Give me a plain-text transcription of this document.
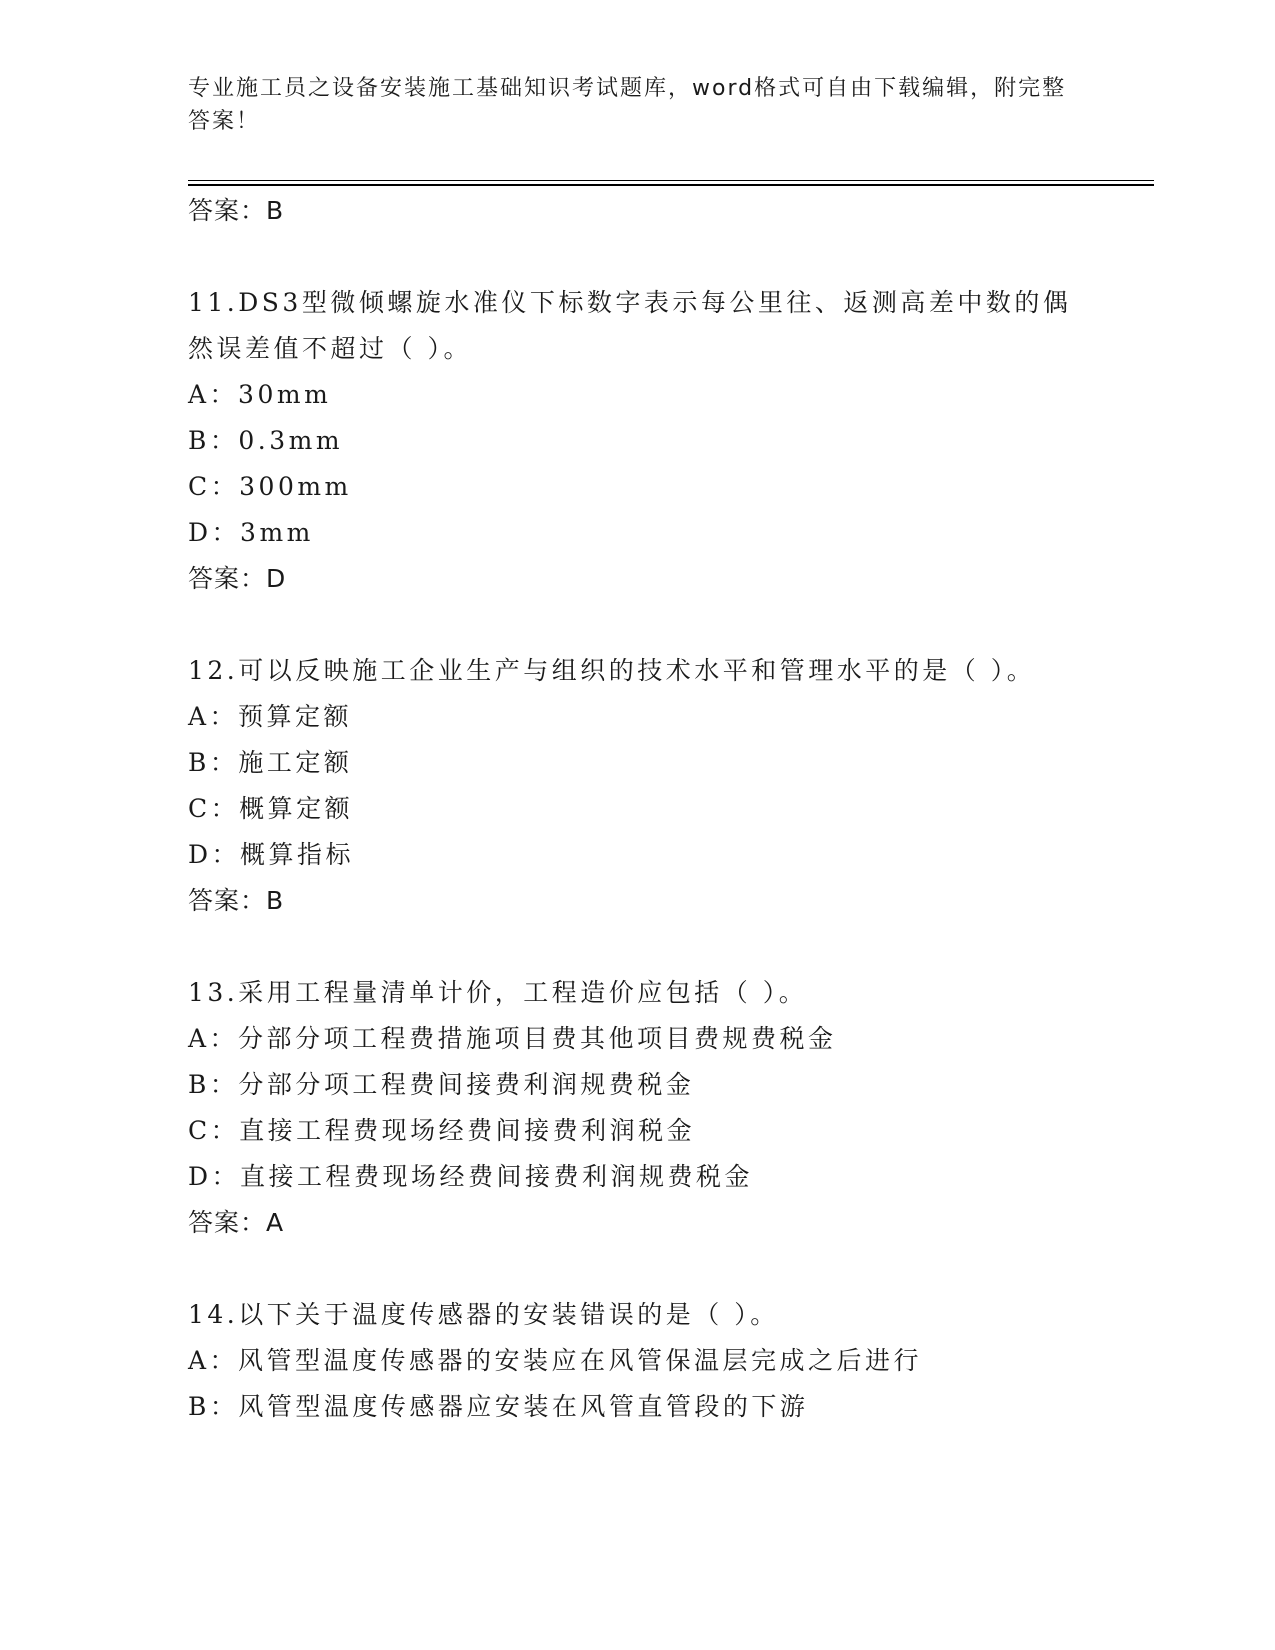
专业施工员之设备安装施工基础知识考试题库，word格式可自由下载编辑，附完整答案！

答案：B
11.DS3型微倾螺旋水准仪下标数字表示每公里往、返测高差中数的偶然误差值不超过（ ）。
A：30mm
B：0.3mm
C：300mm
D：3mm
答案：D
12.可以反映施工企业生产与组织的技术水平和管理水平的是（ ）。
A：预算定额
B：施工定额
C：概算定额
D：概算指标
答案：B
13.采用工程量清单计价，工程造价应包括（ ）。
A：分部分项工程费措施项目费其他项目费规费税金
B：分部分项工程费间接费利润规费税金
C：直接工程费现场经费间接费利润税金
D：直接工程费现场经费间接费利润规费税金
答案：A
14.以下关于温度传感器的安装错误的是（ ）。
A：风管型温度传感器的安装应在风管保温层完成之后进行
B：风管型温度传感器应安装在风管直管段的下游
